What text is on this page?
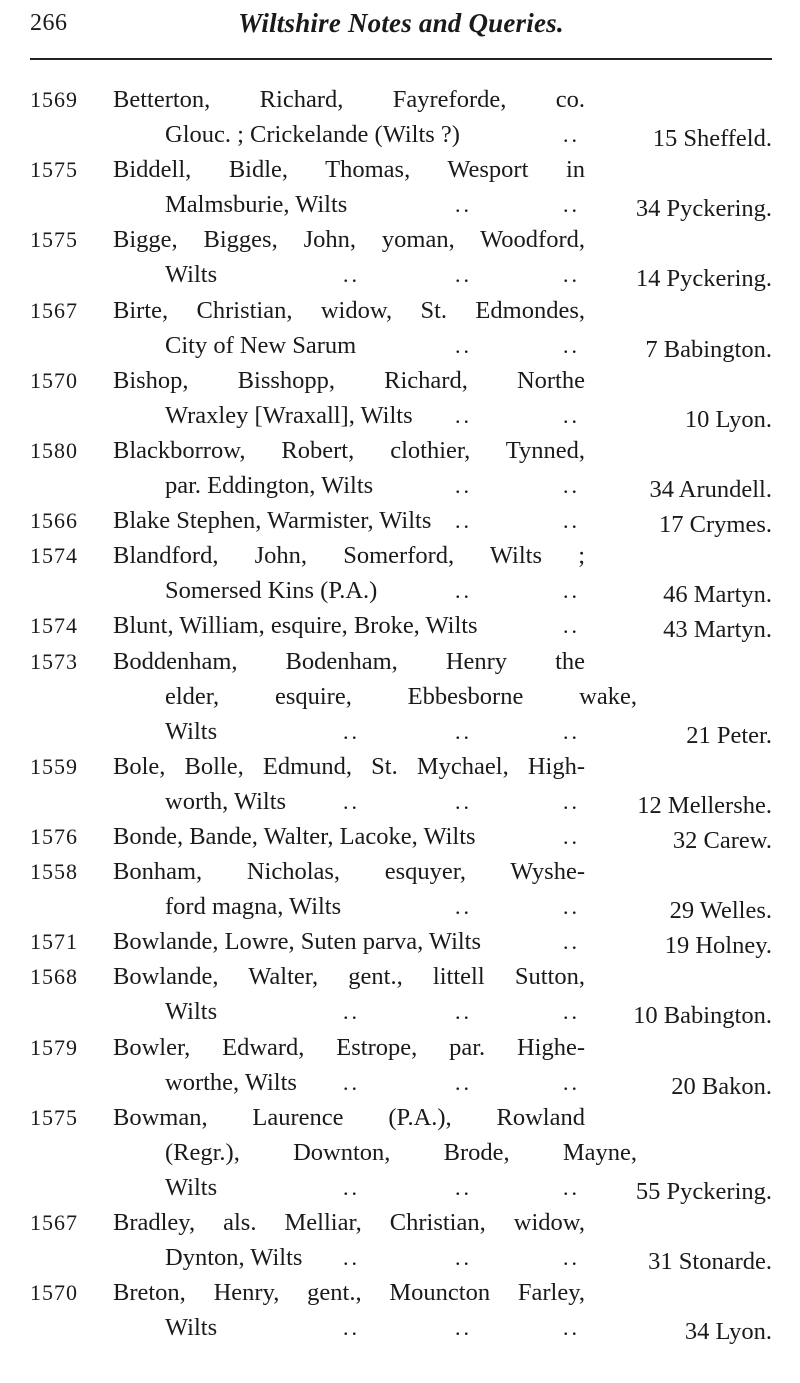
266	Wiltshire Notes and Queries.
1569 Betterton, Richard, Fayreforde, co.
Glouc. ; Crickelande (Wilts ?)	..	15 Sheffeld.
1575 Biddell, Bidle, Thomas, Wesport in
Malmsburie, Wilts	..	.. 34 Pyckering.
1575 Bigge, Bigges, John, yoman, Woodford,
Wilts	..	..	.. 14 Pyckering.
1567 Birte, Christian, widow, St. Edmondes,
City of New Sarum	..	..	7 Babington.
1570 Bishop, Bisshopp, Richard, Northe
Wraxley [Wraxall], Wilts ..	..	10 Lyon.
1580 Blackborrow, Robert, clothier, Tynned,
par. Eddington, Wilts	..	..	34 Arundell.
1566 Blake Stephen, Warmister, Wilts ..	..	17 Crymes.
1574 Blandford, John, Somerford, Wilts ;
Somersed Kins (P.A.)	..	..	46 Martyn.
1574 Blunt, William, esquire, Broke, Wilts	..	43 Martyn.
1573 Boddenham, Bodenham, Henry the
elder, esquire, Ebbesborne wake,
Wilts	..	..	..	21 Peter.
1559 Bole, Bolle, Edmund, St. Mychael, High-
worth, Wilts	..	..	.. 12 Mellershe.
1576 Bonde, Bande, Walter, Lacoke, Wilts	..	32 Carew.
1558 Bonham, Nicholas, esquyer, Wyshe-
ford magna, Wilts	..	..	29 Welles.
1571 Bowlande, Lowre, Suten parva, Wilts	..	19 Holney.
1568 Bowlande, Walter, gent., littell Sutton,
Wilts	..	..	.. 10 Babington.
1579 Bowler, Edward, Estrope, par. Highe-
worthe, Wilts ..	..	..	20 Bakon.
1575 Bowman, Laurence (P.A.), Rowland
(Regr.), Downton, Brode, Mayne,
Wilts	..	..	.. 55 Pyckering.
1567 Bradley, als. Melliar, Christian, widow,
Dynton, Wilts ..	..	..	31 Stonarde.
1570 Breton, Henry, gent., Mouncton Farley,
Wilts	..	..	..	34 Lyon.
